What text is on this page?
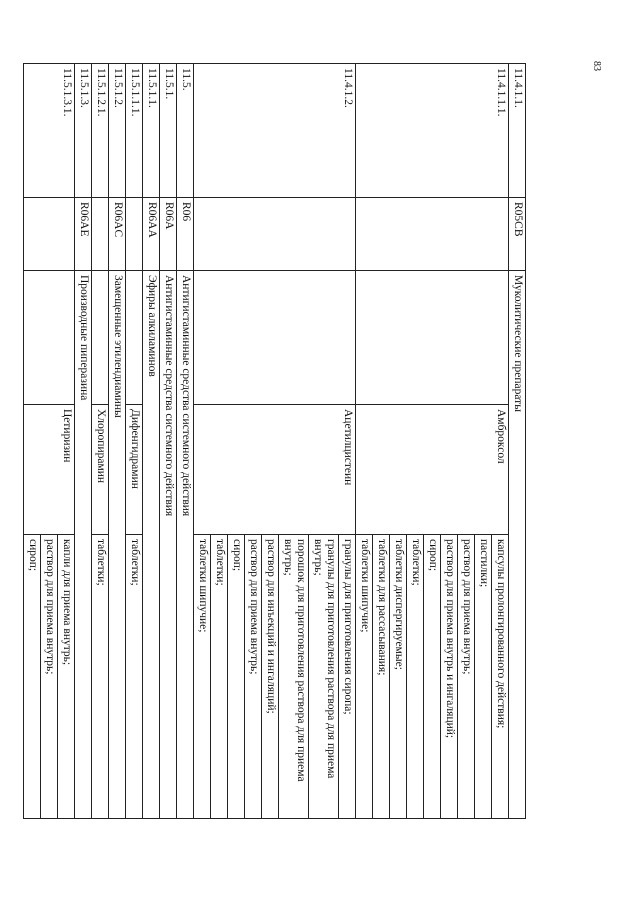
83
11.4.1.1.	R05CB	Муколитические препараты		
11.4.1.1.1.			Амброксол	капсулы пролонгированного действия;
				пастилки;
				раствор для приема внутрь;
				раствор для приема внутрь и ингаляций;
				сироп;
				таблетки;
				таблетки диспергируемые;
				таблетки для рассасывания;
				таблетки шипучие;
11.4.1.2.			Ацетилцистеин	гранулы для приготовления сиропа;
				гранулы для приготовления раствора для приема внутрь;
				порошок для приготовления раствора для приема внутрь;
				раствор для инъекций и ингаляций;
				раствор для приема внутрь;
				сироп;
				таблетки;
				таблетки шипучие;
11.5.	R06	Антигистаминные средства системного действия		
11.5.1.	R06A	Антигистаминные средства системного действия		
11.5.1.1.	R06AA	Эфиры алкиламинов		
11.5.1.1.1.			Дифенгидрамин	таблетки;
11.5.1.2.	R06AC	Замещенные этилендиамины		
11.5.1.2.1.			Хлоропирамин	таблетки;
11.5.1.3.	R06AE	Производные пиперазина		
11.5.1.3.1.			Цетиризин	капли для приема внутрь;
				раствор для приема внутрь;
				сироп;
